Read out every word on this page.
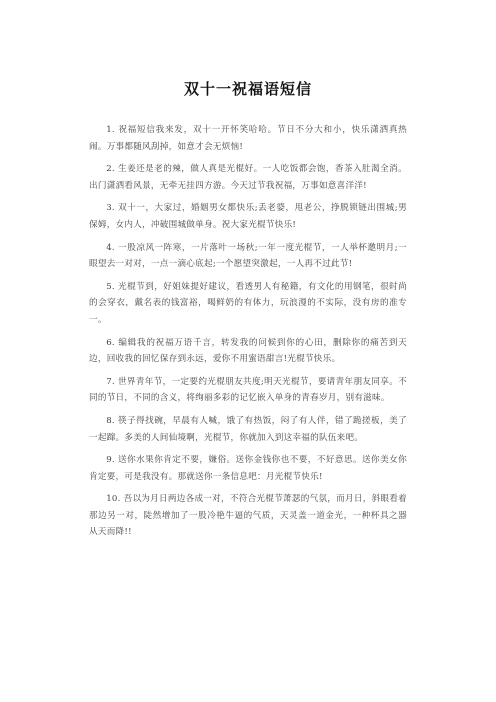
双十一祝福语短信

1. 祝福短信我来发，双十一开怀笑哈哈。节日不分大和小，快乐潇洒真热闹。万事都随风刮掉，如意才会无烦恼!

2. 生姜还是老的辣，做人真是光棍好。一人吃饭都会饱，香茶入肚渴全消。出门潇洒看风景，无牵无挂四方游。今天过节我祝福，万事如意喜洋洋!

3. 双十一，大家过，婚姻男女都快乐;丢老婆，甩老公，挣脱锁链出围城;男保姆，女内人，冲破围城做单身。祝大家光棍节快乐!

4. 一股凉风一阵寒，一片落叶一场秋;一年一度光棍节，一人举杯邀明月;一眼望去一对对，一点一滴心底起;一个愿望突激起，一人再不过此节!

5. 光棍节到，好姐妹提好建议，看透男人有秘籍，有文化的用钢笔，很时尚的会穿衣，戴名表的钱富裕，喝鲜奶的有体力，玩浪漫的不实际，没有房的准专一。

6. 编辑我的祝福万语千言，转发我的问候到你的心田，删除你的痛苦到天边，回收我的回忆保存到永远，爱你不用蜜语甜言!光棍节快乐。

7. 世界青年节，一定要约光棍朋友共度;明天光棍节，要请青年朋友同享。不同的节日，不同的含义，将绚丽多彩的记忆嵌入单身的青春岁月，别有滋味。

8. 筷子得找碗，早晨有人喊，饿了有热饭，闷了有人伴，错了跪搓板，美了一起蹿。多美的人间仙境啊，光棍节，你就加入到这幸福的队伍来吧。

9. 送你水果你肯定不要，嫌俗。送你金钱你也不要，不好意思。送你美女你肯定要，可是我没有。那就送你一条信息吧：月光棍节快乐!

10. 吾以为月日两边各成一对，不符合光棍节萧瑟的气氛，而月日，斜眼看着那边另一对，陡然增加了一股冷艳牛逼的气质，天灵盖一道金光，一种杯具之器从天而降!!
